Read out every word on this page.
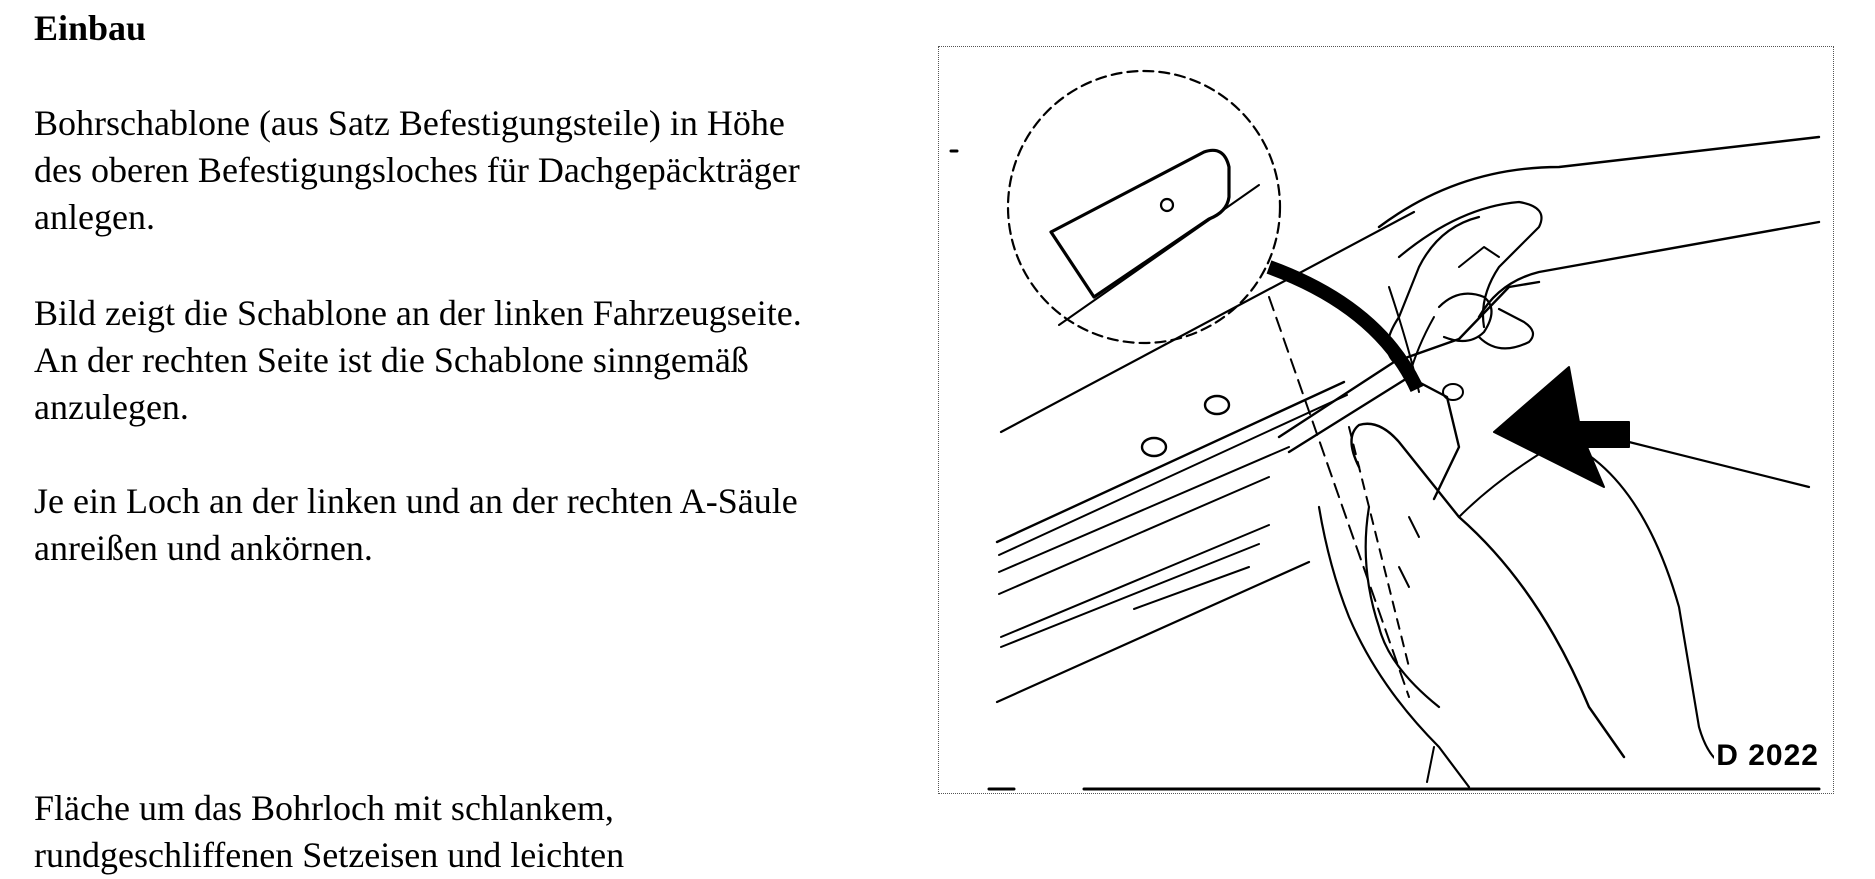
Einbau
Bohrschablone (aus Satz Befestigungsteile) in Höhe
des oberen Befestigungsloches für Dachgepäckträger
anlegen.
Bild zeigt die Schablone an der linken Fahrzeugseite.
An der rechten Seite ist die Schablone sinngemäß
anzulegen.
Je ein Loch an der linken und an der rechten A-Säule
anreißen und ankörnen.
Fläche um das Bohrloch mit schlankem,
rundgeschliffenen Setzeisen und leichten
D 2022
